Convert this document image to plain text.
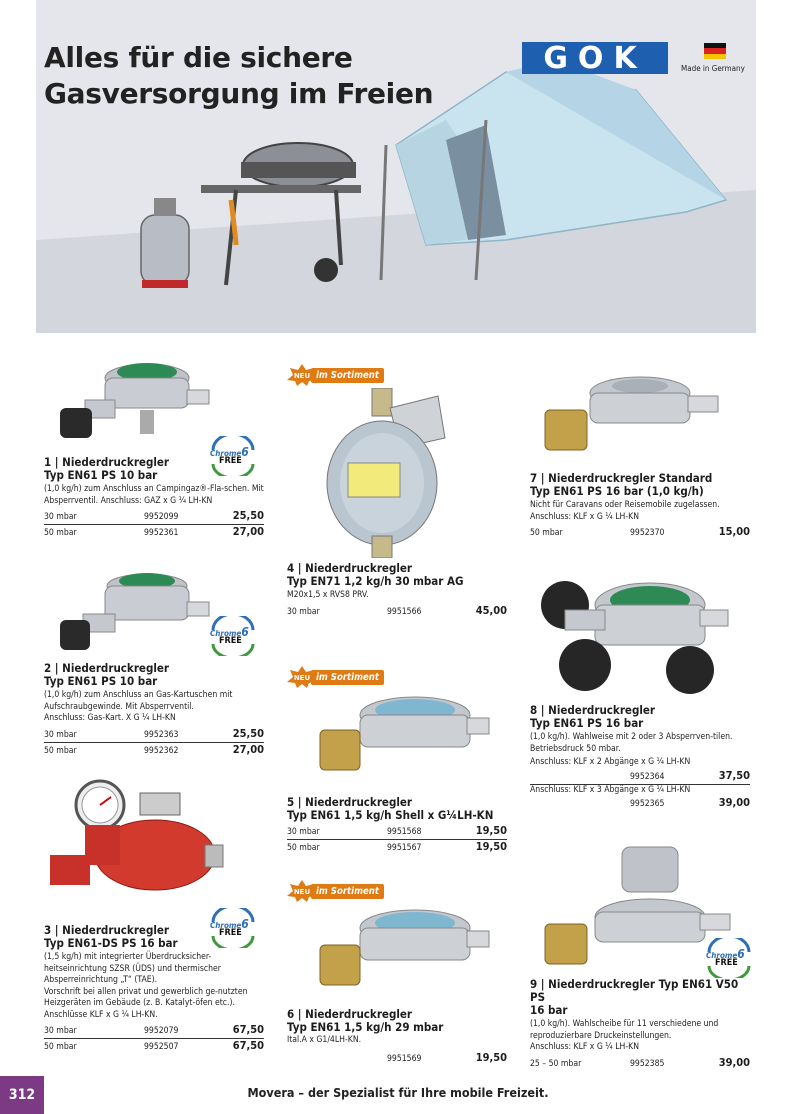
Alles für die sichere
Gasversorgung im Freien
GOK	Made in Germany
Chrome6
FREE
1 | Niederdruckregler
Typ EN61 PS 10 bar
(1,0 kg/h) zum Anschluss an Campingaz®-Fla-schen. Mit Absperrventil. Anschluss: GAZ x G ¼ LH-KN
30 mbar	9952099	25,50
50 mbar	9952361	27,00
Chrome6
FREE
2 | Niederdruckregler
Typ EN61 PS 10 bar
(1,0 kg/h) zum Anschluss an Gas-Kartuschen mit Aufschraubgewinde. Mit Absperrventil.
Anschluss: Gas-Kart. X G ¼ LH-KN
30 mbar	9952363	25,50
50 mbar	9952362	27,00
Chrome6
FREE
3 | Niederdruckregler
Typ EN61-DS PS 16 bar
(1,5 kg/h) mit integrierter Überdrucksicher-heitseinrichtung SZSR (ÜDS) und thermischer Absperreinrichtung „T“ (TAE).
Vorschrift bei allen privat und gewerblich ge-nutzten Heizgeräten im Gebäude (z. B. Katalyt-öfen etc.). Anschlüsse KLF x G ¼ LH-KN.
30 mbar	9952079	67,50
50 mbar	9952507	67,50
NEU im Sortiment
4 | Niederdruckregler
Typ EN71 1,2 kg/h 30 mbar AG
M20x1,5 x RVS8 PRV.
30 mbar	9951566	45,00
NEU im Sortiment
5 | Niederdruckregler
Typ EN61 1,5 kg/h Shell x G¼LH-KN
30 mbar	9951568	19,50
50 mbar	9951567	19,50
NEU im Sortiment
6 | Niederdruckregler
Typ EN61 1,5 kg/h 29 mbar
Ital.A x G1/4LH-KN.
9951569	19,50
7 | Niederdruckregler Standard
Typ EN61 PS 16 bar (1,0 kg/h)
Nicht für Caravans oder Reisemobile zugelassen.
Anschluss: KLF x G ¼ LH-KN
50 mbar	9952370	15,00
8 | Niederdruckregler
Typ EN61 PS 16 bar
(1,0 kg/h). Wahlweise mit 2 oder 3 Absperrven-tilen. Betriebsdruck 50 mbar.
Anschluss: KLF x 2 Abgänge x G ¼ LH-KN
9952364	37,50
Anschluss: KLF x 3 Abgänge x G ¼ LH-KN
9952365	39,00
Chrome6
FREE
9 | Niederdruckregler Typ EN61 V50 PS
16 bar
(1,0 kg/h). Wahlscheibe für 11 verschiedene und reproduzierbare Druckeinstellungen.
Anschluss: KLF x G ¼ LH-KN
25 – 50 mbar	9952385	39,00
312	Movera – der Spezialist für Ihre mobile Freizeit.
